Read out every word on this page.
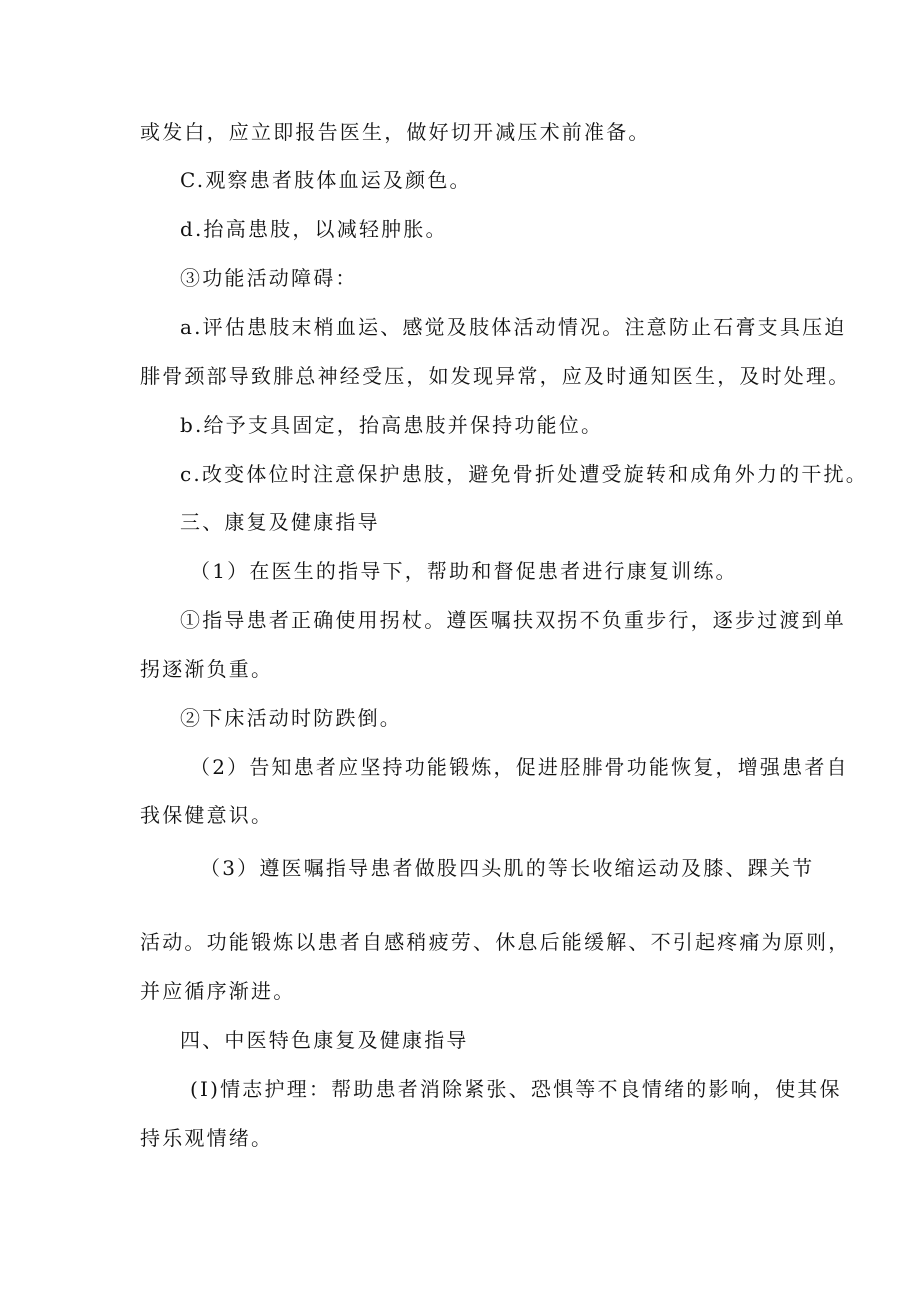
或发白，应立即报告医生，做好切开减压术前准备。
C.观察患者肢体血运及颜色。
d.抬高患肢，以减轻肿胀。
③功能活动障碍：
a.评估患肢末梢血运、感觉及肢体活动情况。注意防止石膏支具压迫
腓骨颈部导致腓总神经受压，如发现异常，应及时通知医生，及时处理。
b.给予支具固定，抬高患肢并保持功能位。
c.改变体位时注意保护患肢，避免骨折处遭受旋转和成角外力的干扰。
三、康复及健康指导
（1）在医生的指导下，帮助和督促患者进行康复训练。
①指导患者正确使用拐杖。遵医嘱扶双拐不负重步行，逐步过渡到单
拐逐渐负重。
②下床活动时防跌倒。
（2）告知患者应坚持功能锻炼，促进胫腓骨功能恢复，增强患者自
我保健意识。
（3）遵医嘱指导患者做股四头肌的等长收缩运动及膝、踝关节
活动。功能锻炼以患者自感稍疲劳、休息后能缓解、不引起疼痛为原则，
并应循序渐进。
四、中医特色康复及健康指导
(I)情志护理：帮助患者消除紧张、恐惧等不良情绪的影响，使其保
持乐观情绪。
